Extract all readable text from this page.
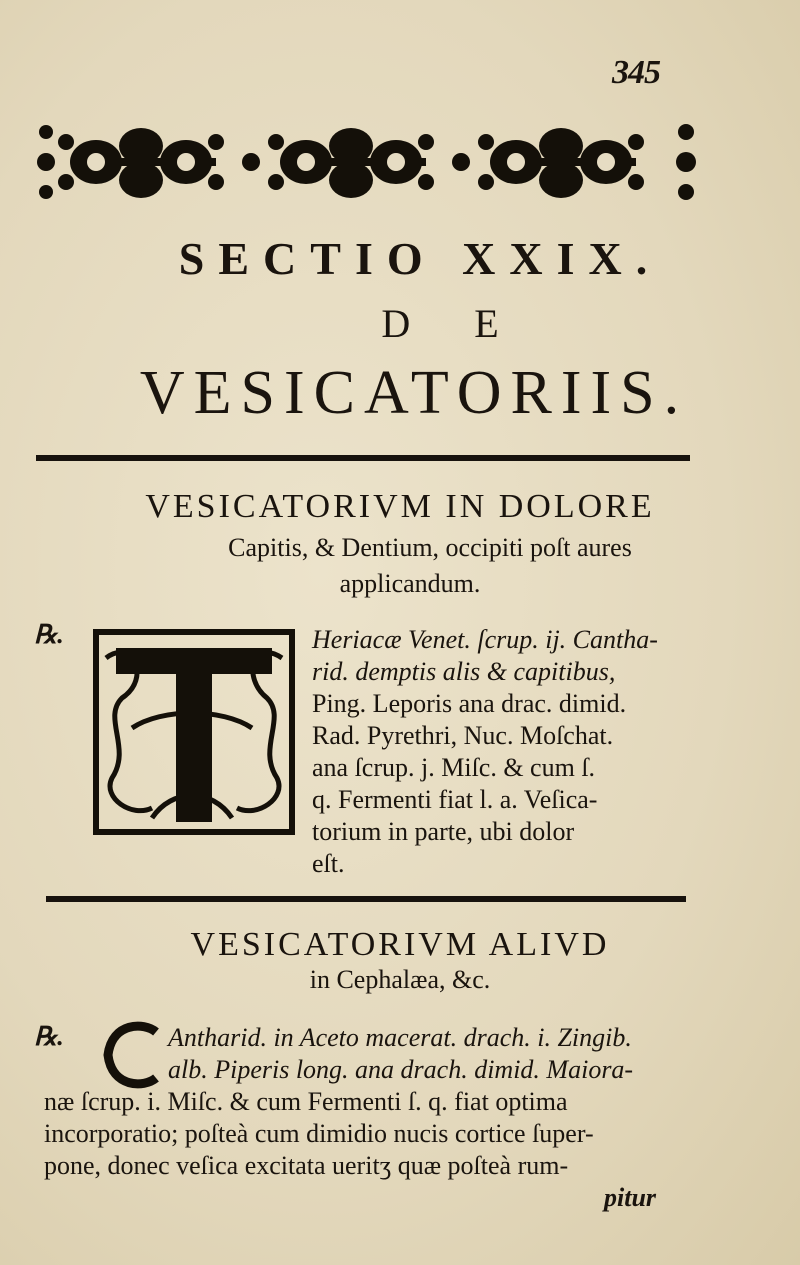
345
SECTIO XXIX.
DE
VESICATORIIS.
VESICATORIVM IN DOLORE
Capitis, & Dentium, occipiti poſt aures
applicandum.
℞.	Heriacæ Venet. ſcrup. ij. Cantha-
rid. demptis alis & capitibus,
Ping. Leporis ana drac. dimid.
Rad. Pyrethri, Nuc. Moſchat.
ana ſcrup. j. Miſc. & cum ſ.
q. Fermenti fiat l. a. Veſica-
torium in parte, ubi dolor
eſt.
VESICATORIVM ALIVD
in Cephalæa, &c.
℞.	Antharid. in Aceto macerat. drach. i. Zingib.
alb. Piperis long. ana drach. dimid. Maiora-
næ ſcrup. i. Miſc. & cum Fermenti ſ. q. fiat optima
incorporatio; poſteà cum dimidio nucis cortice ſuper-
pone, donec veſica excitata ueritʒ quæ poſteà rum-
pitur
